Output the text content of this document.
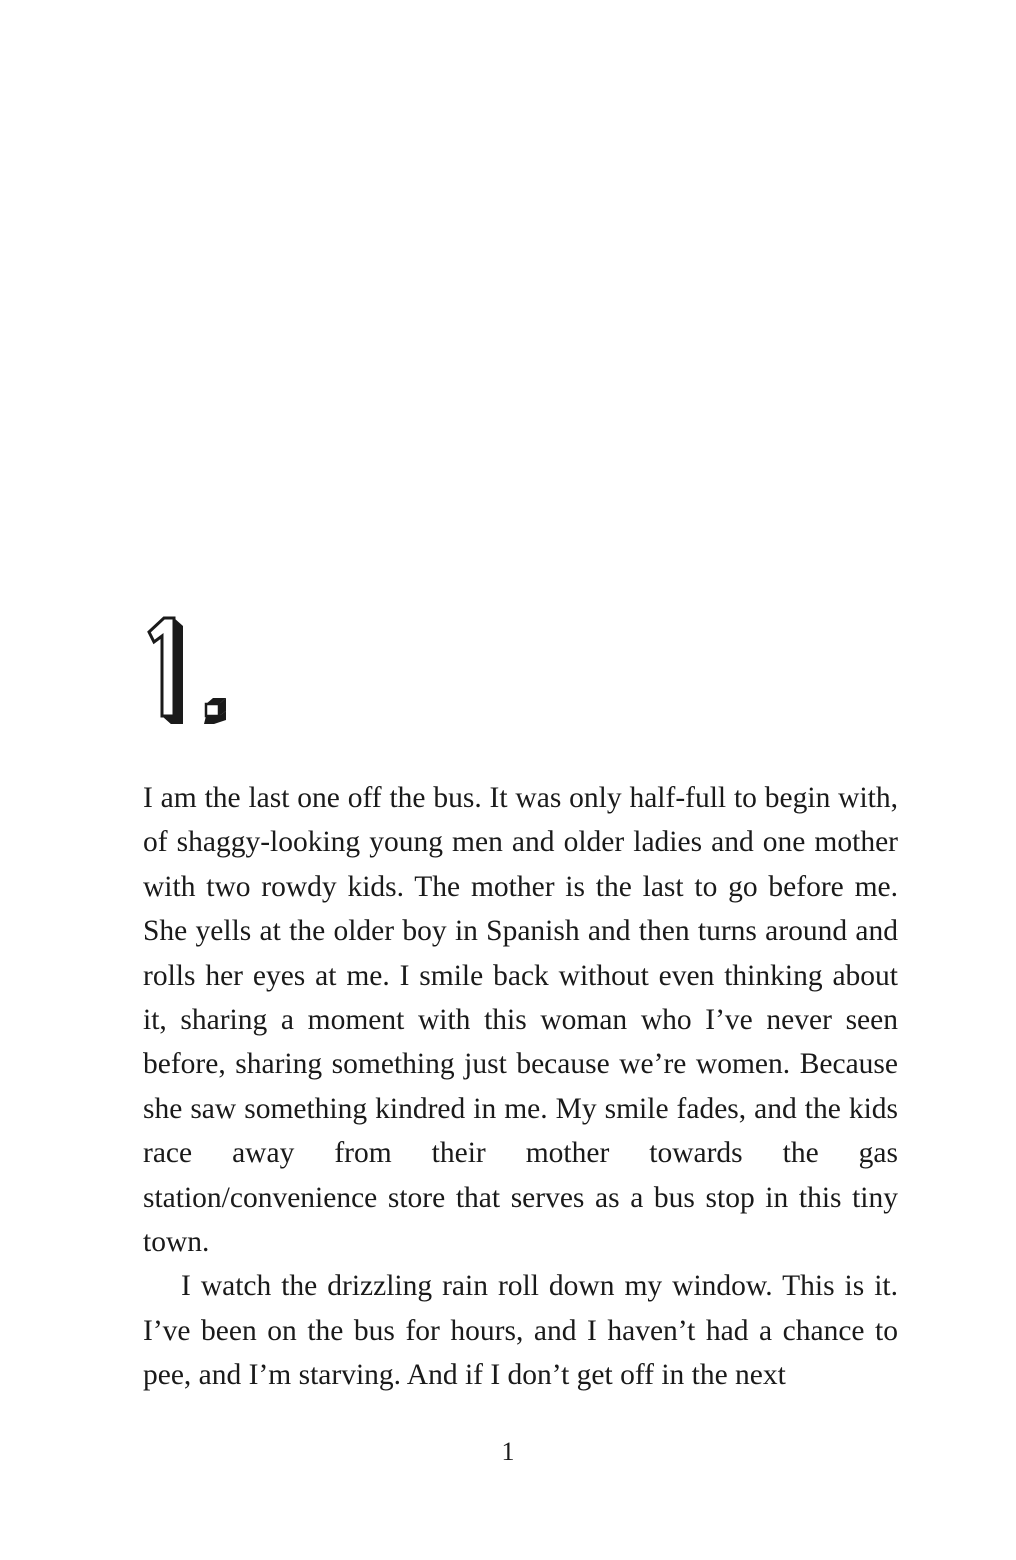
I am the last one off the bus. It was only half-full to begin with, of shaggy-looking young men and older ladies and one mother with two rowdy kids. The mother is the last to go before me. She yells at the older boy in Spanish and then turns around and rolls her eyes at me. I smile back without even thinking about it, sharing a moment with this woman who I’ve never seen before, sharing something just because we’re women. Because she saw something kindred in me. My smile fades, and the kids race away from their mother towards the gas station/convenience store that serves as a bus stop in this tiny town.

I watch the drizzling rain roll down my window. This is it. I’ve been on the bus for hours, and I haven’t had a chance to pee, and I’m starving. And if I don’t get off in the next

1
